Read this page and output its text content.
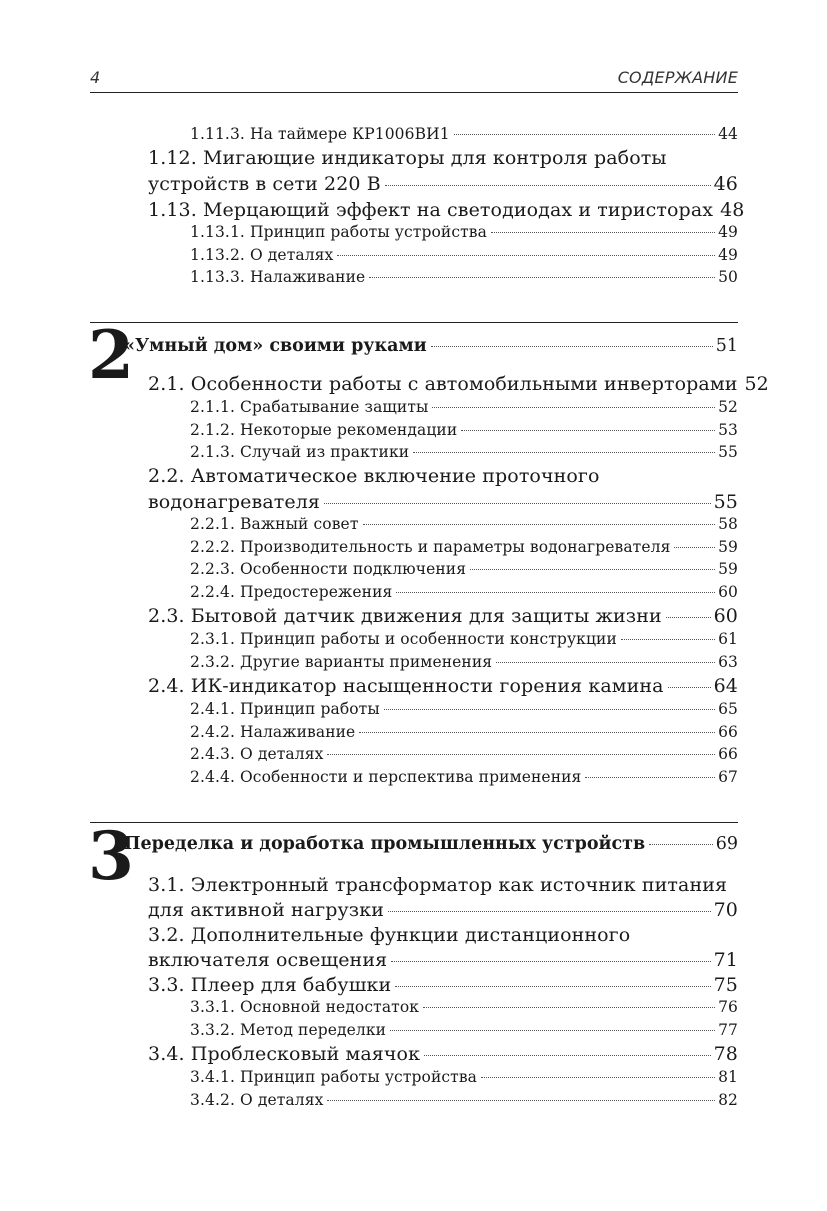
4	СОДЕРЖАНИЕ
1.11.3. На таймере КР1006ВИ1	44
1.12. Мигающие индикаторы для контроля работы
устройств в сети 220 В	46
1.13. Мерцающий эффект на светодиодах и тиристорах 48
1.13.1. Принцип работы устройства	49
1.13.2. О деталях	49
1.13.3. Налаживание	50
2
«Умный дом» своими руками	51
2.1. Особенности работы с автомобильными инверторами 52
2.1.1. Срабатывание защиты	52
2.1.2. Некоторые рекомендации	53
2.1.3. Случай из практики	55
2.2. Автоматическое включение проточного
водонагревателя	55
2.2.1. Важный совет	58
2.2.2. Производительность и параметры водонагревателя	59
2.2.3. Особенности подключения	59
2.2.4. Предостережения	60
2.3. Бытовой датчик движения для защиты жизни	60
2.3.1. Принцип работы и особенности конструкции	61
2.3.2. Другие варианты применения	63
2.4. ИК-индикатор насыщенности горения камина	64
2.4.1. Принцип работы	65
2.4.2. Налаживание	66
2.4.3. О деталях	66
2.4.4. Особенности и перспектива применения	67
3
Переделка и доработка промышленных устройств	69
3.1. Электронный трансформатор как источник питания
для активной нагрузки	70
3.2. Дополнительные функции дистанционного
включателя освещения	71
3.3. Плеер для бабушки	75
3.3.1. Основной недостаток	76
3.3.2. Метод переделки	77
3.4. Проблесковый маячок	78
3.4.1. Принцип работы устройства	81
3.4.2. О деталях	82
